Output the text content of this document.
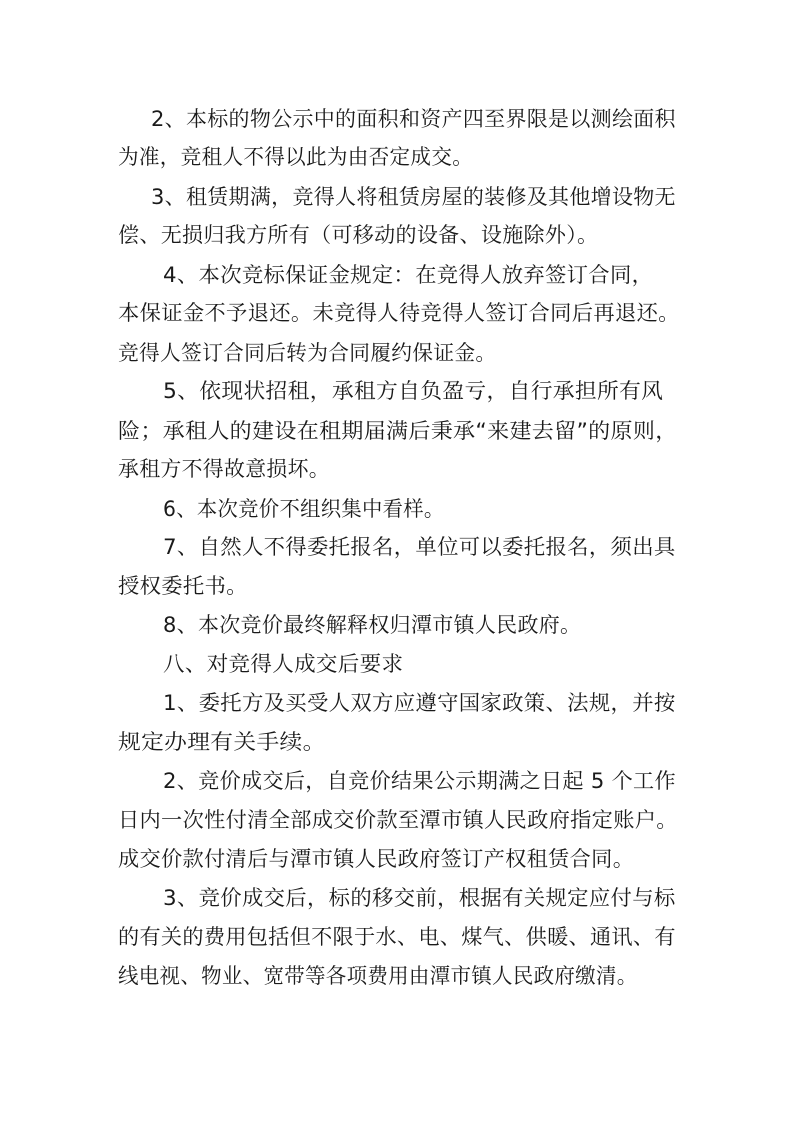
2、本标的物公示中的面积和资产四至界限是以测绘面积
为准，竞租人不得以此为由否定成交。
3、租赁期满，竞得人将租赁房屋的装修及其他增设物无
偿、无损归我方所有（可移动的设备、设施除外）。
4、本次竞标保证金规定：在竞得人放弃签订合同，
本保证金不予退还。未竞得人待竞得人签订合同后再退还。
竞得人签订合同后转为合同履约保证金。
5、依现状招租，承租方自负盈亏，自行承担所有风
险；承租人的建设在租期届满后秉承“来建去留”的原则，
承租方不得故意损坏。
6、本次竞价不组织集中看样。
7、自然人不得委托报名，单位可以委托报名，须出具
授权委托书。
8、本次竞价最终解释权归潭市镇人民政府。
八、对竞得人成交后要求
1、委托方及买受人双方应遵守国家政策、法规，并按
规定办理有关手续。
2、竞价成交后，自竞价结果公示期满之日起 5 个工作
日内一次性付清全部成交价款至潭市镇人民政府指定账户。
成交价款付清后与潭市镇人民政府签订产权租赁合同。
3、竞价成交后，标的移交前，根据有关规定应付与标
的有关的费用包括但不限于水、电、煤气、供暖、通讯、有
线电视、物业、宽带等各项费用由潭市镇人民政府缴清。
